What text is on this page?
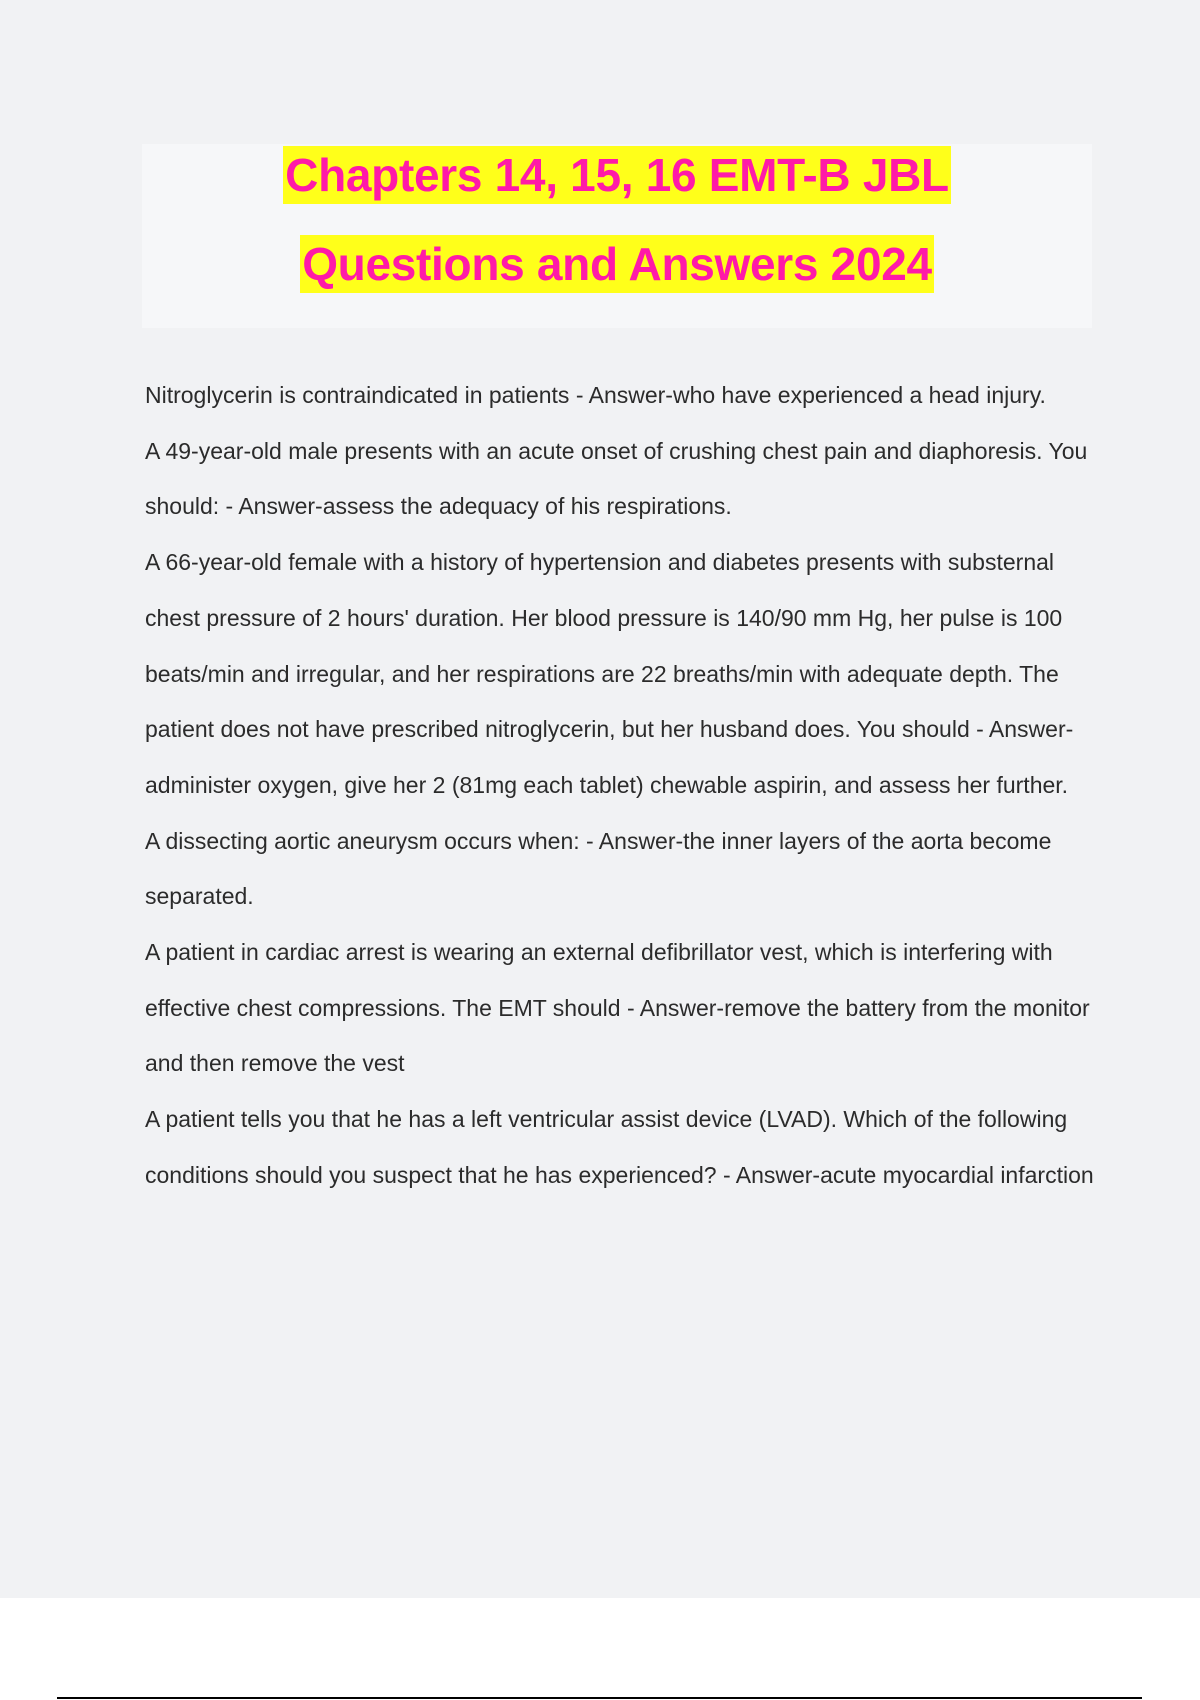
Chapters 14, 15, 16 EMT-B JBL
Questions and Answers 2024

Nitroglycerin is contraindicated in patients - Answer-who have experienced a head injury.

A 49-year-old male presents with an acute onset of crushing chest pain and diaphoresis. You should: - Answer-assess the adequacy of his respirations.

A 66-year-old female with a history of hypertension and diabetes presents with substernal chest pressure of 2 hours' duration. Her blood pressure is 140/90 mm Hg, her pulse is 100 beats/min and irregular, and her respirations are 22 breaths/min with adequate depth. The patient does not have prescribed nitroglycerin, but her husband does. You should - Answer-administer oxygen, give her 2 (81mg each tablet) chewable aspirin, and assess her further.

A dissecting aortic aneurysm occurs when: - Answer-the inner layers of the aorta become separated.

A patient in cardiac arrest is wearing an external defibrillator vest, which is interfering with effective chest compressions. The EMT should - Answer-remove the battery from the monitor and then remove the vest

A patient tells you that he has a left ventricular assist device (LVAD). Which of the following conditions should you suspect that he has experienced? - Answer-acute myocardial infarction
